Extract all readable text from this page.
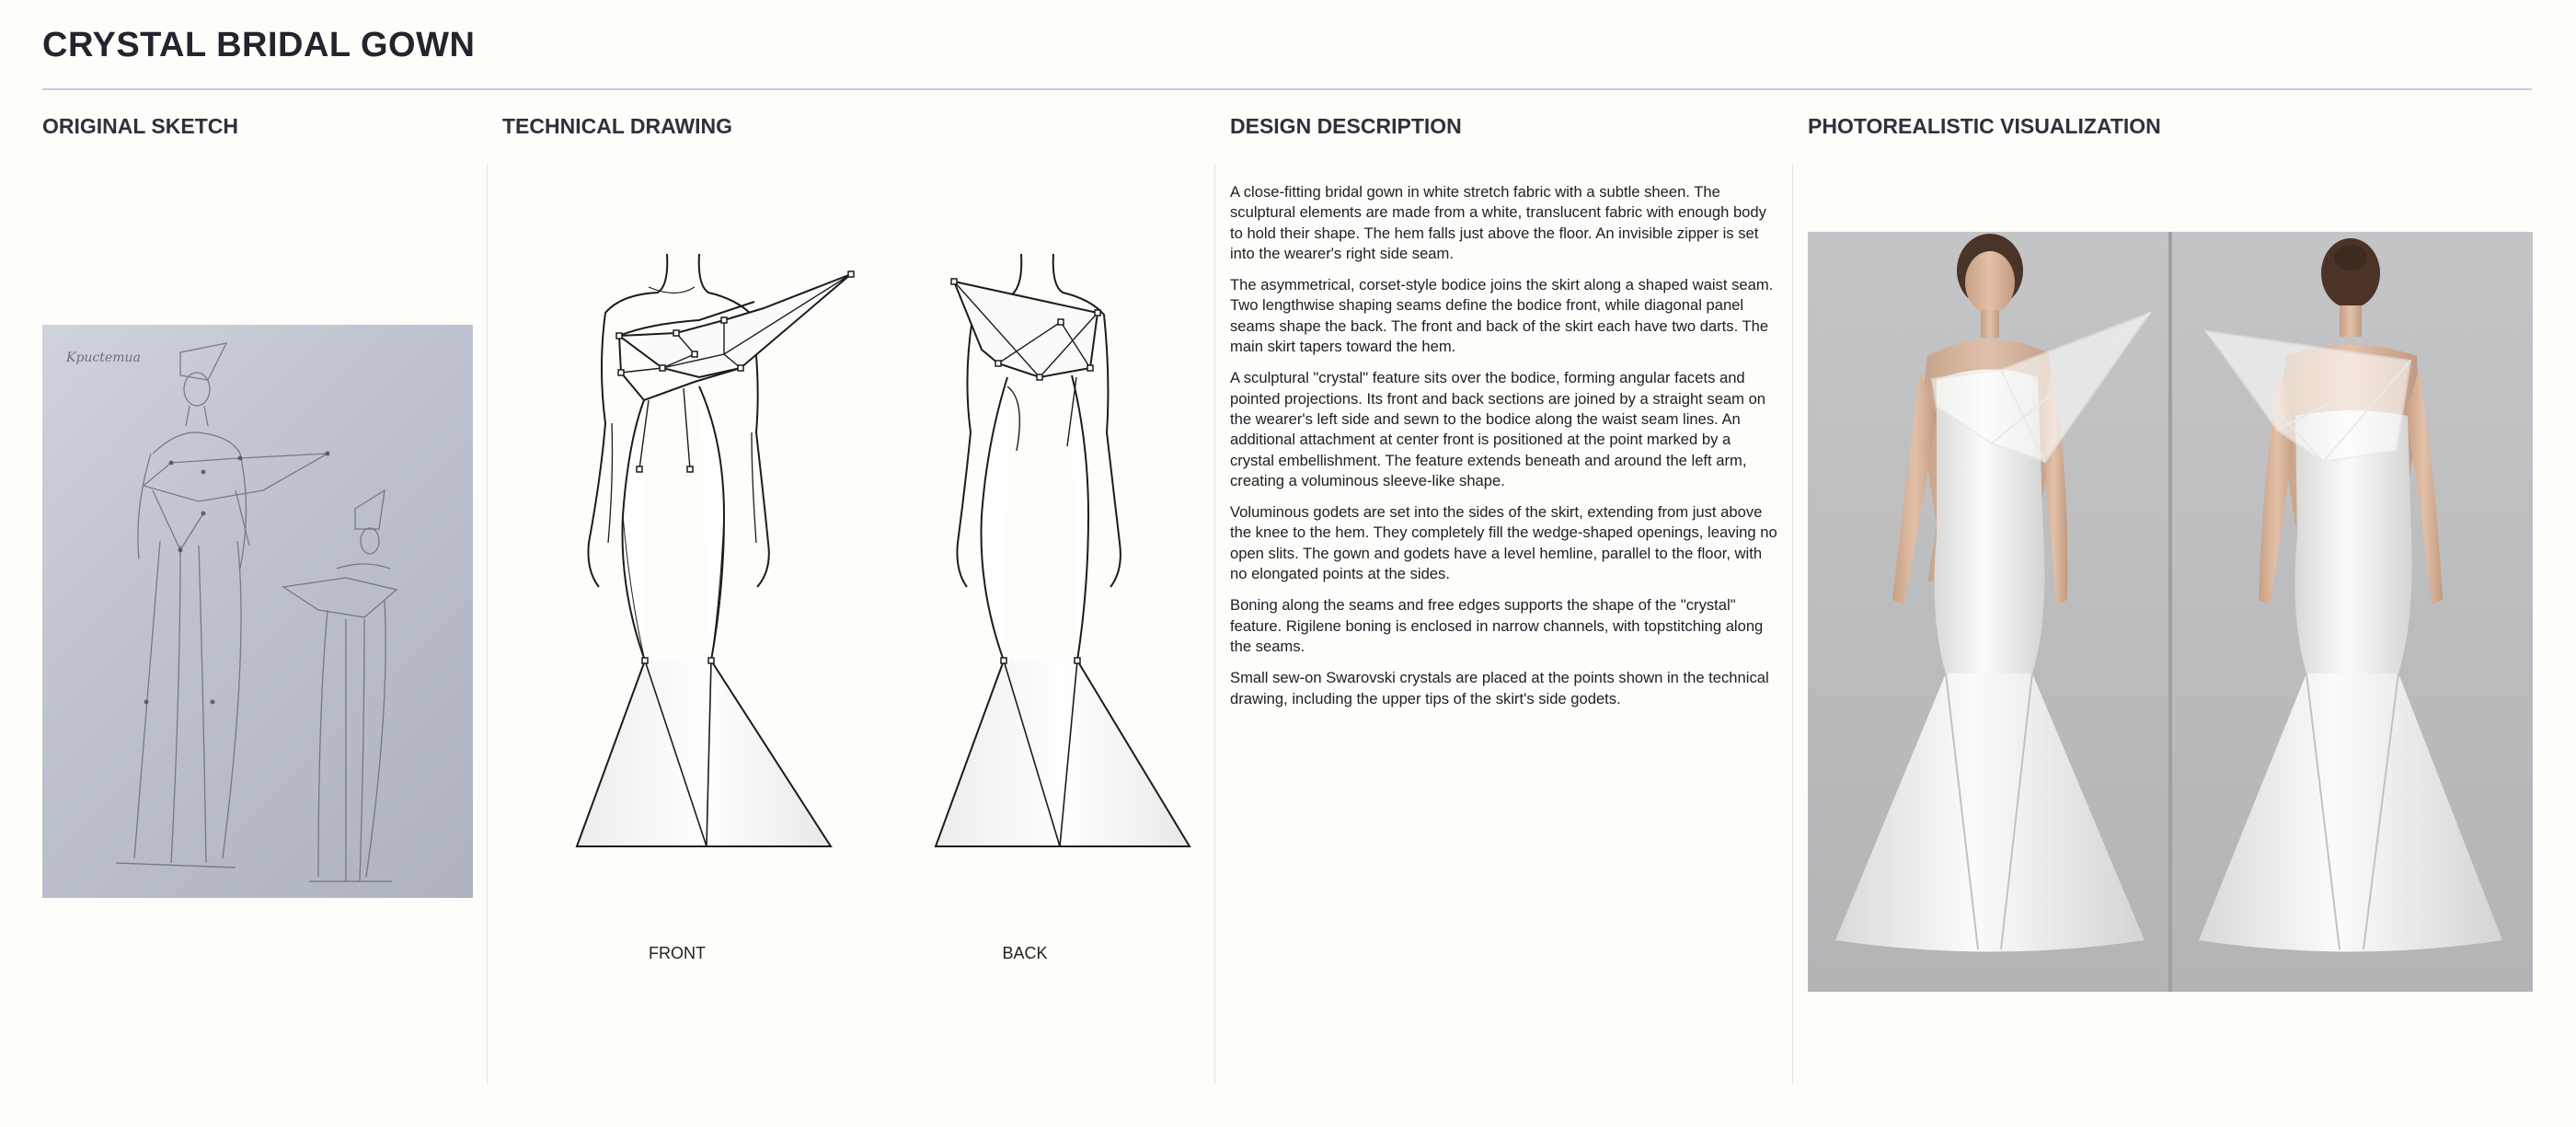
CRYSTAL BRIDAL GOWN
ORIGINAL SKETCH	TECHNICAL DRAWING	DESIGN DESCRIPTION	PHOTOREALISTIC VISUALIZATION
Kpuctemua
FRONT	BACK

A close-fitting bridal gown in white stretch fabric with a subtle sheen. The sculptural elements are made from a white, translucent fabric with enough body to hold their shape. The hem falls just above the floor. An invisible zipper is set into the wearer's right side seam.

The asymmetrical, corset-style bodice joins the skirt along a shaped waist seam. Two lengthwise shaping seams define the bodice front, while diagonal panel seams shape the back. The front and back of the skirt each have two darts. The main skirt tapers toward the hem.

A sculptural "crystal" feature sits over the bodice, forming angular facets and pointed projections. Its front and back sections are joined by a straight seam on the wearer's left side and sewn to the bodice along the waist seam lines. An additional attachment at center front is positioned at the point marked by a crystal embellishment. The feature extends beneath and around the left arm, creating a voluminous sleeve-like shape.

Voluminous godets are set into the sides of the skirt, extending from just above the knee to the hem. They completely fill the wedge-shaped openings, leaving no open slits. The gown and godets have a level hemline, parallel to the floor, with no elongated points at the sides.

Boning along the seams and free edges supports the shape of the "crystal" feature. Rigilene boning is enclosed in narrow channels, with topstitching along the seams.

Small sew-on Swarovski crystals are placed at the points shown in the technical drawing, including the upper tips of the skirt's side godets.
